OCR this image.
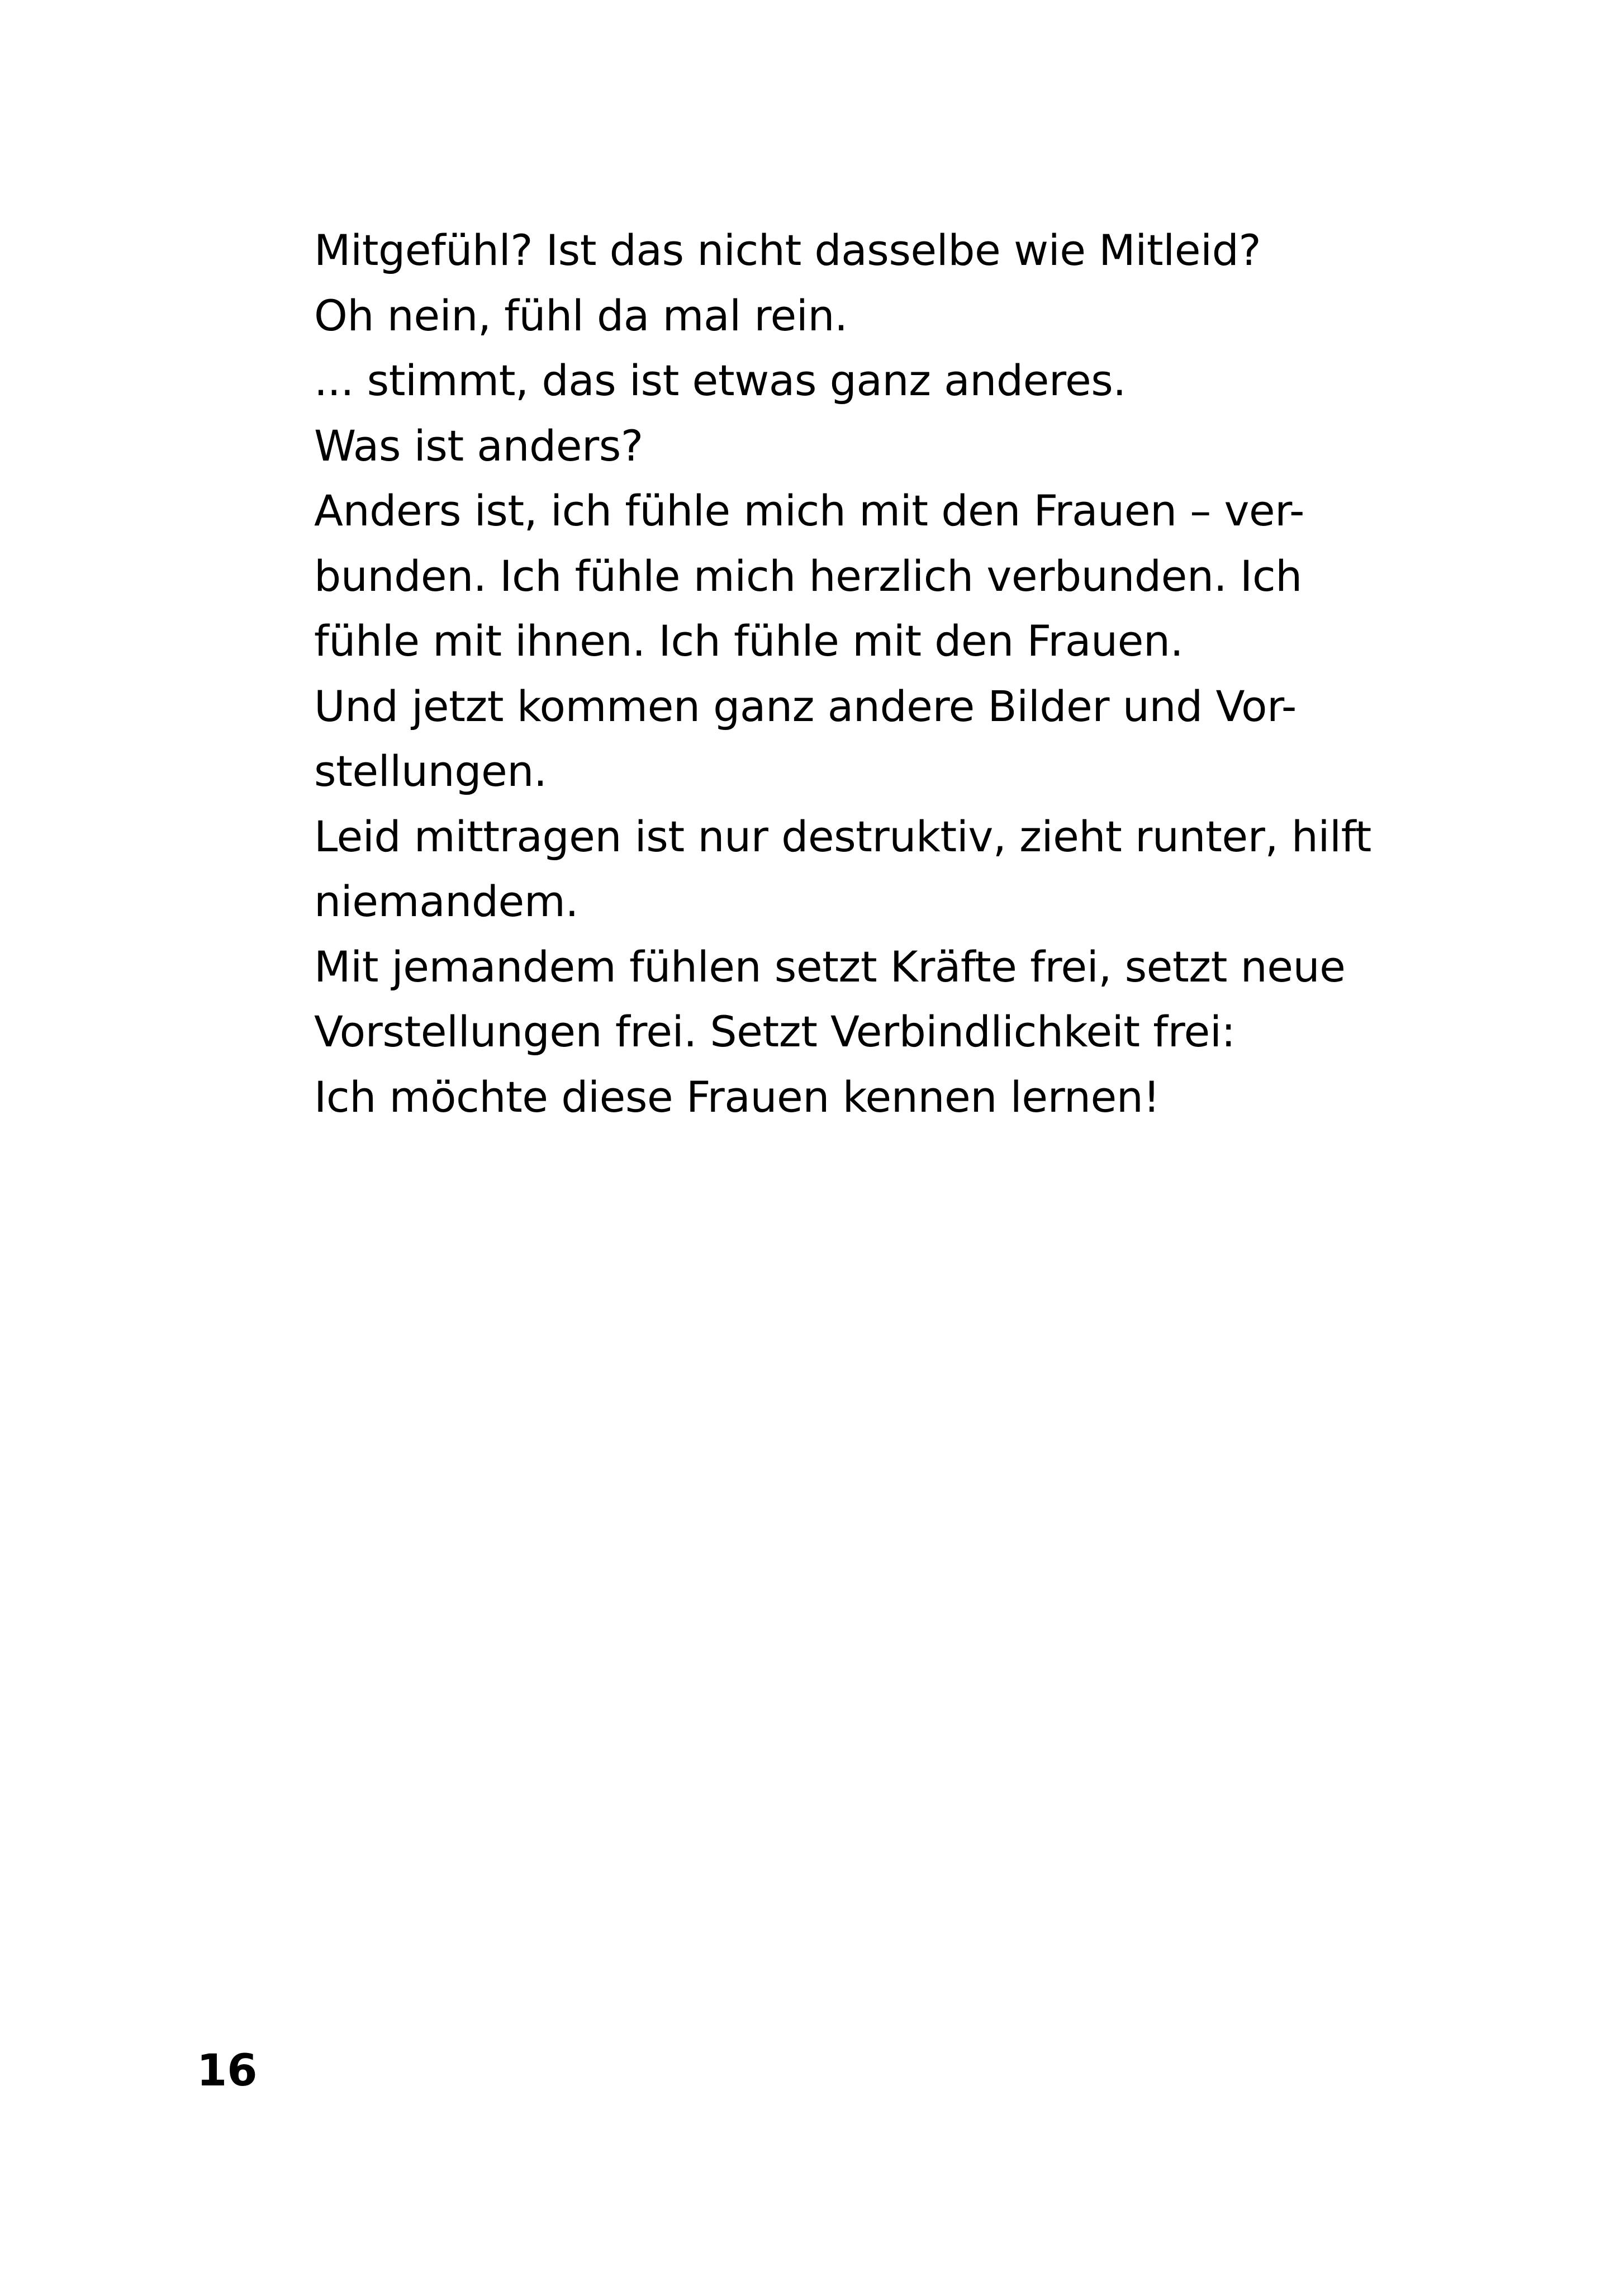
Mitgefühl? Ist das nicht dasselbe wie Mitleid?
Oh nein, fühl da mal rein.
... stimmt, das ist etwas ganz anderes.
Was ist anders?
Anders ist, ich fühle mich mit den Frauen – ver-
bunden. Ich fühle mich herzlich verbunden. Ich
fühle mit ihnen. Ich fühle mit den Frauen.
Und jetzt kommen ganz andere Bilder und Vor-
stellungen.
Leid mittragen ist nur destruktiv, zieht runter, hilft
niemandem.
Mit jemandem fühlen setzt Kräfte frei, setzt neue
Vorstellungen frei. Setzt Verbindlichkeit frei:
Ich möchte diese Frauen kennen lernen!
16
